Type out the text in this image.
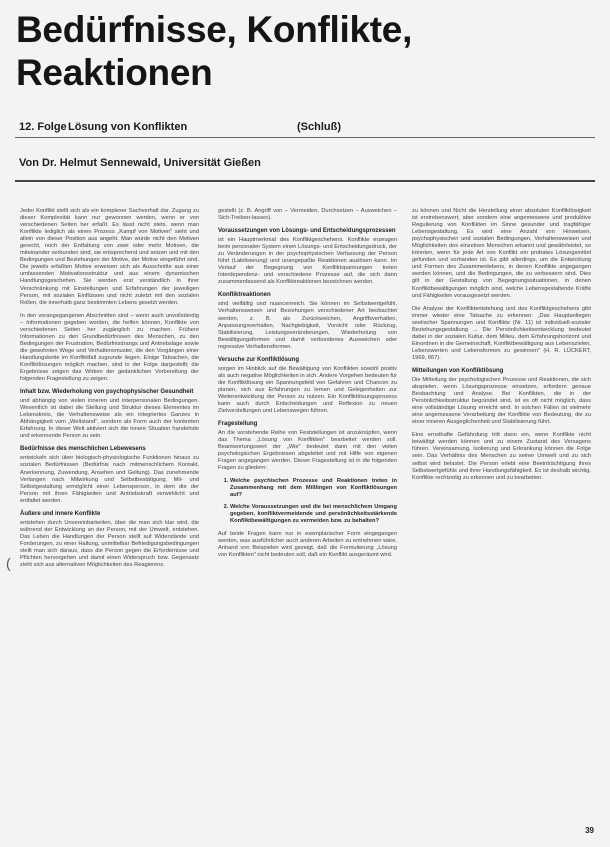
Bedürfnisse, Konflikte,
Reaktionen
12. Folge Lösung von Konflikten	(Schluß)
Von Dr. Helmut Sennewald, Universität Gießen
(

Jeder Konflikt stellt sich als ein komplexer Sachverhalt dar. Zugang zu dieser Komplexität kann nur gewonnen werden, wenn er von verschiedenen Seiten her erfaßt. Es lässt nicht stets, wenn man Konflikte lediglich als einen Prozess „Kampf von Motiven" sieht und allein von dieser Position aus angeht. Man würde nicht den Motiven gerecht, noch der Entfaltung von zwei oder mehr Motiven, die miteinander verbunden sind, sie entsprechend und setzen und mit den Bedingungen und Beziehungen der Motive, der Motive eingeführt sind. Die jeweils erfaßten Motive erweisen sich als Ausschnitte aus einer umfassenden Motivationsstruktur und aus einem dynamischen Handlungsgeschehen. Sie werden erst verständlich in ihrer Verschränkung mit Einstellungen und Erfahrungen der jeweiligen Person, mit sozialen Einflüssen und nicht zuletzt mit den sozialen Rollen, die innerhalb ganz bestimmten Lebens gesetzt werden.

In den vorangegangenen Abschnitten sind – wenn auch unvollständig – Informationen gegeben worden, die helfen können, Konflikte von verschiedenen Seiten her zugänglich zu machen. Frühere Informationen zu den Grundbedürfnissen des Menschen, zu den Bedingungen der Frustration, Bedürfnisdrangs und Antriebslage sowie die gewohnten Wege und Verhaltensmuster, die den Vorgängen einer Handlungskette im Konfliktfall zugrunde liegen. Einige Tatsachen, die Konfliktlösungen möglich machen, sind in der Folge dargestellt; die Ergebnisse zeigen das Wirken der gedanklichen Vorbereitung der folgenden Fragestellung zu zeigen.

Inhalt bzw. Wiederholung von psychophysischer Gesundheit

und abhängig von vielen inneren und interpersonalen Bedingungen. Wesentlich ist dabei die Stellung und Struktur dieses Elementes im Lebenskreis, die Verhaltensweise als ein integriertes Ganzes in Abhängigkeit vom „Weltstand", sondern als Form auch der konkreten Erfahrung. In dieser Welt aktiviert sich die innere Situation handelnde und erkennende Person zu sein.

Bedürfnisse des menschlichen Lebewesens

entwickeln sich über biologisch-physiologische Funktionen hinaus zu sozialen Bedürfnissen (Bedürfnis nach mitmenschlichem Kontakt, Anerkennung, Zuwendung, Ansehen und Geltung). Das zunehmende Verlangen nach Mitwirkung und Selbstbestätigung, Mit- und Selbstgestaltung ermöglicht einer Lebensperson, in dem die der Person mit ihren Fähigkeiten und Antriebskraft verwirklicht und entfaltet werden.

Äußere und innere Konflikte

entstehen durch Unvereinbarkeiten, über die man sich klar wird, die während der Entwicklung an der Person, mit der Umwelt, entstehen. Das Leben die Handlungen der Person stellt auf Widerstände und Forderungen, zu einer Haltung, unmittelbar Befriedigungsbedingungen stellt man sich daraus, dass die Person gegen die Erfordernisse und Pflichten hervorgehen und damit einen Widerspruch bzw. Gegensatz zieht sich aus alternativen Möglichkeiten des Reagierens.

gestellt (z. B. Angriff von – Vermeiden, Durchsetzen – Ausweichen – Sich-Treiben-lassen).

Voraussetzungen von Lösungs- und Entscheidungsprozessen

ist ein Hauptmerkmal des Konfliktgeschehens. Konflikte erzeugen beim personalen System einen Lösungs- und Entscheidungsdruck, der zu Veränderungen in der psychophysischen Verfassung der Person führt (Labilisierung) und unangepaßte Reaktionen auslösen kann. Im Verlauf der Begegnung von Konfliktspannungen treten Interdependenz- und verschiedene Prozesse auf, die sich dann zusammenfassend als Konfliktreaktionen bezeichnen werden.

Konfliktreaktionen

sind vielfältig und nuancenreich. Sie können im Selbstwertgefühl, Verhaltensweisen und Beziehungen verschiedener Art beobachtet werden, z. B. als Zurückweichen, Angriffsverhalten, Anpassungsverhalten, Nachgiebigkeit, Vorsicht oder Rückzug, Stabilisierung, Leistungsveränderungen, Wiederholung von Bewältigungsformen und damit verbundenes Ausweichen oder regressive Verhaltensformen.

Versuche zur Konfliktlösung

sorgen im Hinblick auf die Bewältigung von Konflikten sowohl positiv als auch negative Möglichkeiten in sich. Andere Vorgehen bedeuten für die Konfliktlösung ein Spannungsfeld von Gefahren und Chancen zu planen, sich aus Erfahrungen zu lernen und Gelegenheiten zur Weiterentwicklung der Person zu nutzen. Ein Konfliktlösungsprozess kann auch durch Entscheidungen und Reflexion zu neuen Zielvorstellungen und Lebenswegen führen.

Fragestellung

An die vorstehende Reihe von Feststellungen ist anzuknüpfen, wenn das Thema „Lösung von Konflikten" bearbeitet werden soll. Beantwortungswert der „Wie" bedeutet dann mit den vielen psychologischen Ergebnissen abgeleitet und mit Hilfe von eigenen Fragen angegangen werden. Dieser Fragestellung ist in die folgenden Fragen zu gliedern:

1. Welche psychischen Prozesse und Reaktionen treten in Zusammenhang mit dem Mißlingen von Konfliktlösungen auf?
2. Welche Voraussetzungen und die bei menschlichem Umgang gegeben, konfliktvermeidende und persönlichkeitsstärkende Konfliktbewältigungen zu vermeiden bzw. zu behalten?

Auf beide Fragen kann nur in exemplarischer Form eingegangen werden, was ausführlicher auch anderen Arbeiten zu entnehmen wäre. Anhand von Beispielen wird gezeigt, daß die Formulierung „Lösung von Konflikten" nicht bedeuten soll, daß ein Konflikt ausgeräumt wird.

zu können und Nicht die Herstellung einer absoluten Konfliktlosigkeit ist erstrebenswert, aber sondern eine angemessene und produktive Regulierung von Konflikten im Sinne gesunder und tragfähiger Lebensgestaltung. Es wird eine Anzahl von Hinweisen, psychophysischen und sozialen Bedingungen, Verhaltensweisen und Möglichkeiten des einzelnen Menschen erkannt und gewährleistet, so könnten, wenn für jede Art von Konflikt ein probates Lösungsmittel gefunden und vorhanden ist. Es gibt allerdings, um die Entwicklung und Formen des Zusammenlebens, in denen Konflikte angegangen werden können, und die Bedingungen, die zu verbessern sind. Dies gilt in der Gestaltung von Begegnungssituationen, in denen Konfliktbewältigungen möglich sind, welche Lebensgestaltende Kräfte und Fähigkeiten vorausgesetzt werden.

Die Analyse der Konfliktentstehung und des Konfliktgeschehens gibt immer wieder eine Tatsache zu erkennen: „Das Hauptanliegen seelischer Spannungen und Konflikte (Nr. 11) ist individuell-sozialer Beziehungsgestaltung ... Die Persönlichkeitsentwicklung bedeutet dabei in der sozialen Kultur, dem Milieu, dem Erfahrungshorizont und Einordnen in die Gemeinschaft, Konfliktbewältigung aus Lebenszielen, Lebenswerten und Lebensformen zu gewinnen" (H. R. LÜCKERT, 1969, 667).

Mitteilungen von Konfliktlösung

Die Mitteilung der psychologischen Prozesse und Reaktionen, die sich abspielen, wenn Lösungsprozesse einsetzen, erfordern genaue Beobachtung und Analyse. Bei Konflikten, die in der Persönlichkeitsstruktur begründet sind, ist es oft nicht möglich, dass eine vollständige Lösung erreicht wird. In solchen Fällen ist vielmehr eine angemessene Verarbeitung der Konflikte von Bedeutung, die zu einer inneren Ausgeglichenheit und Stabilisierung führt.

Eine ernsthafte Gefährdung tritt dann ein, wenn Konflikte nicht bewältigt werden können und zu einem Zustand des Versagens führen. Vereinsamung, Isolierung und Erkrankung können die Folge sein. Das Verhältnis des Menschen zu seiner Umwelt und zu sich selbst wird belastet. Die Person erlebt eine Beeinträchtigung ihres Selbstwertgefühls und ihrer Handlungsfähigkeit. Es ist deshalb wichtig, Konflikte rechtzeitig zu erkennen und zu bearbeiten.

39
